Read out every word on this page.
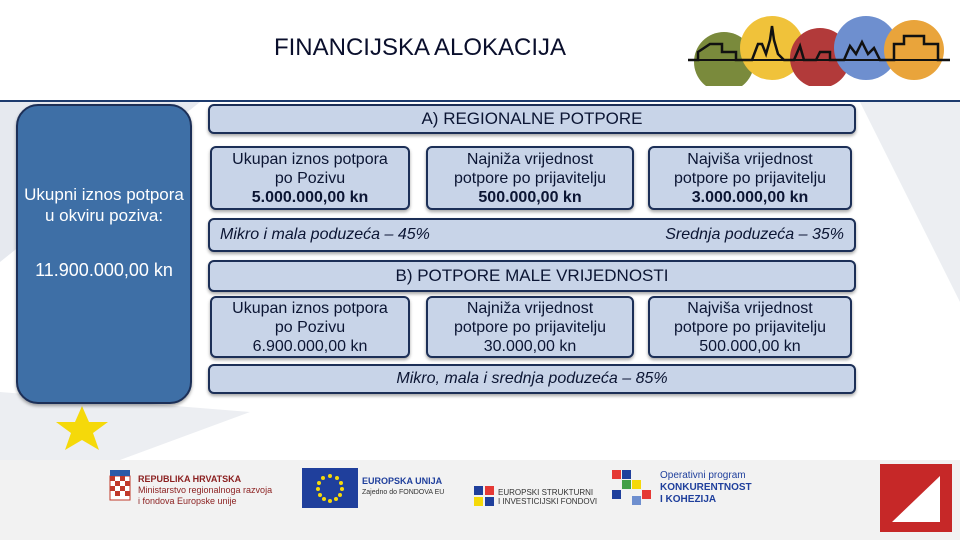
FINANCIJSKA ALOKACIJA
Ukupni iznos potpora u okviru poziva:
11.900.000,00 kn
A) REGIONALNE POTPORE
Ukupan iznos potpora
po Pozivu
5.000.000,00 kn
Najniža vrijednost
potpore po prijavitelju
500.000,00 kn
Najviša vrijednost
potpore po prijavitelju
3.000.000,00 kn
Mikro i mala poduzeća – 45%	Srednja poduzeća – 35%
B) POTPORE MALE VRIJEDNOSTI
Ukupan iznos potpora
po Pozivu
6.900.000,00 kn
Najniža vrijednost
potpore po prijavitelju
30.000,00 kn
Najviša vrijednost
potpore po prijavitelju
500.000,00 kn
Mikro, mala i srednja poduzeća – 85%
REPUBLIKA HRVATSKA
Ministarstvo regionalnoga razvoja
i fondova Europske unije
EUROPSKA UNIJA
Zajedno do FONDOVA EU	EUROPSKI STRUKTURNI
I INVESTICIJSKI FONDOVI
Operativni program
KONKURENTNOST
I KOHEZIJA
